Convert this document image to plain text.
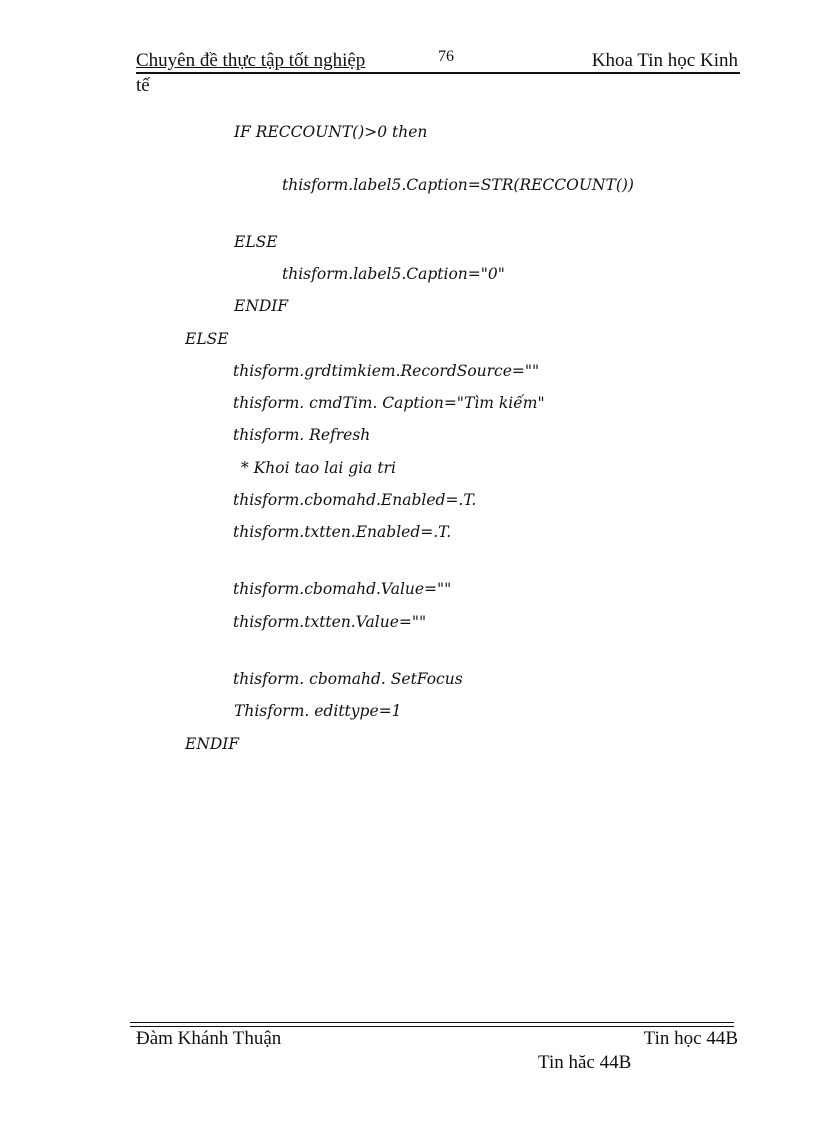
Chuyên đề thực tập tốt nghiệp	76	Khoa Tin học Kinh
tế
IF RECCOUNT()>0 then
thisform.label5.Caption=STR(RECCOUNT())
ELSE
thisform.label5.Caption="0"
ENDIF
ELSE
thisform.grdtimkiem.RecordSource=""
thisform. cmdTim. Caption="Tìm kiếm"
thisform. Refresh
* Khoi tao lai gia tri
thisform.cbomahd.Enabled=.T.
thisform.txtten.Enabled=.T.
thisform.cbomahd.Value=""
thisform.txtten.Value=""
thisform. cbomahd. SetFocus
Thisform. edittype=1
ENDIF
Đàm Khánh Thuận	Tin học 44B
Tin hăc 44B
